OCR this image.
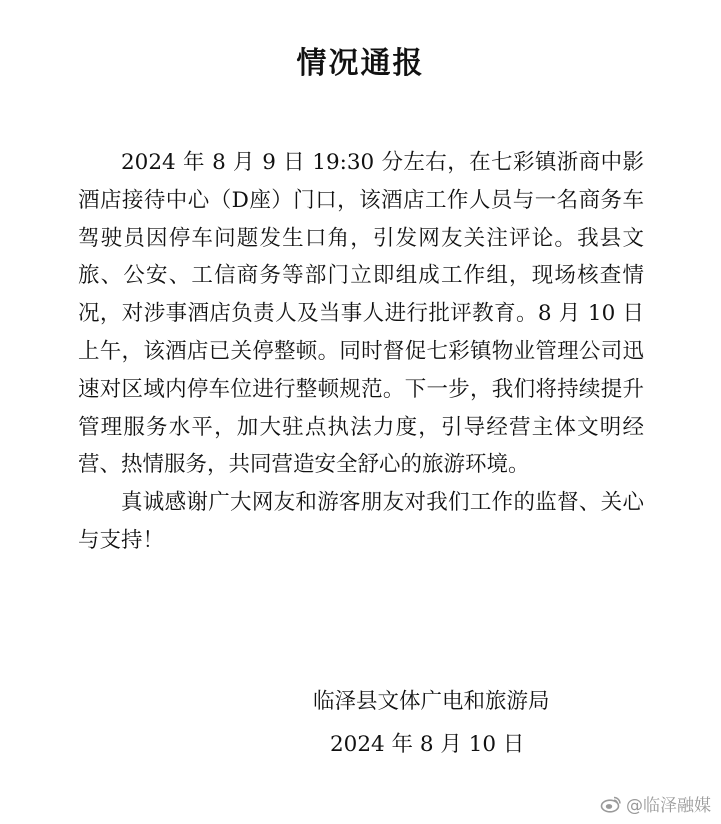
情况通报

2024 年 8 月 9 日 19:30 分左右，在七彩镇浙商中影酒店接待中心（D座）门口，该酒店工作人员与一名商务车驾驶员因停车问题发生口角，引发网友关注评论。我县文旅、公安、工信商务等部门立即组成工作组，现场核查情况，对涉事酒店负责人及当事人进行批评教育。8 月 10 日上午，该酒店已关停整顿。同时督促七彩镇物业管理公司迅速对区域内停车位进行整顿规范。下一步，我们将持续提升管理服务水平，加大驻点执法力度，引导经营主体文明经营、热情服务，共同营造安全舒心的旅游环境。

真诚感谢广大网友和游客朋友对我们工作的监督、关心与支持！

临泽县文体广电和旅游局
2024 年 8 月 10 日
@临泽融媒
